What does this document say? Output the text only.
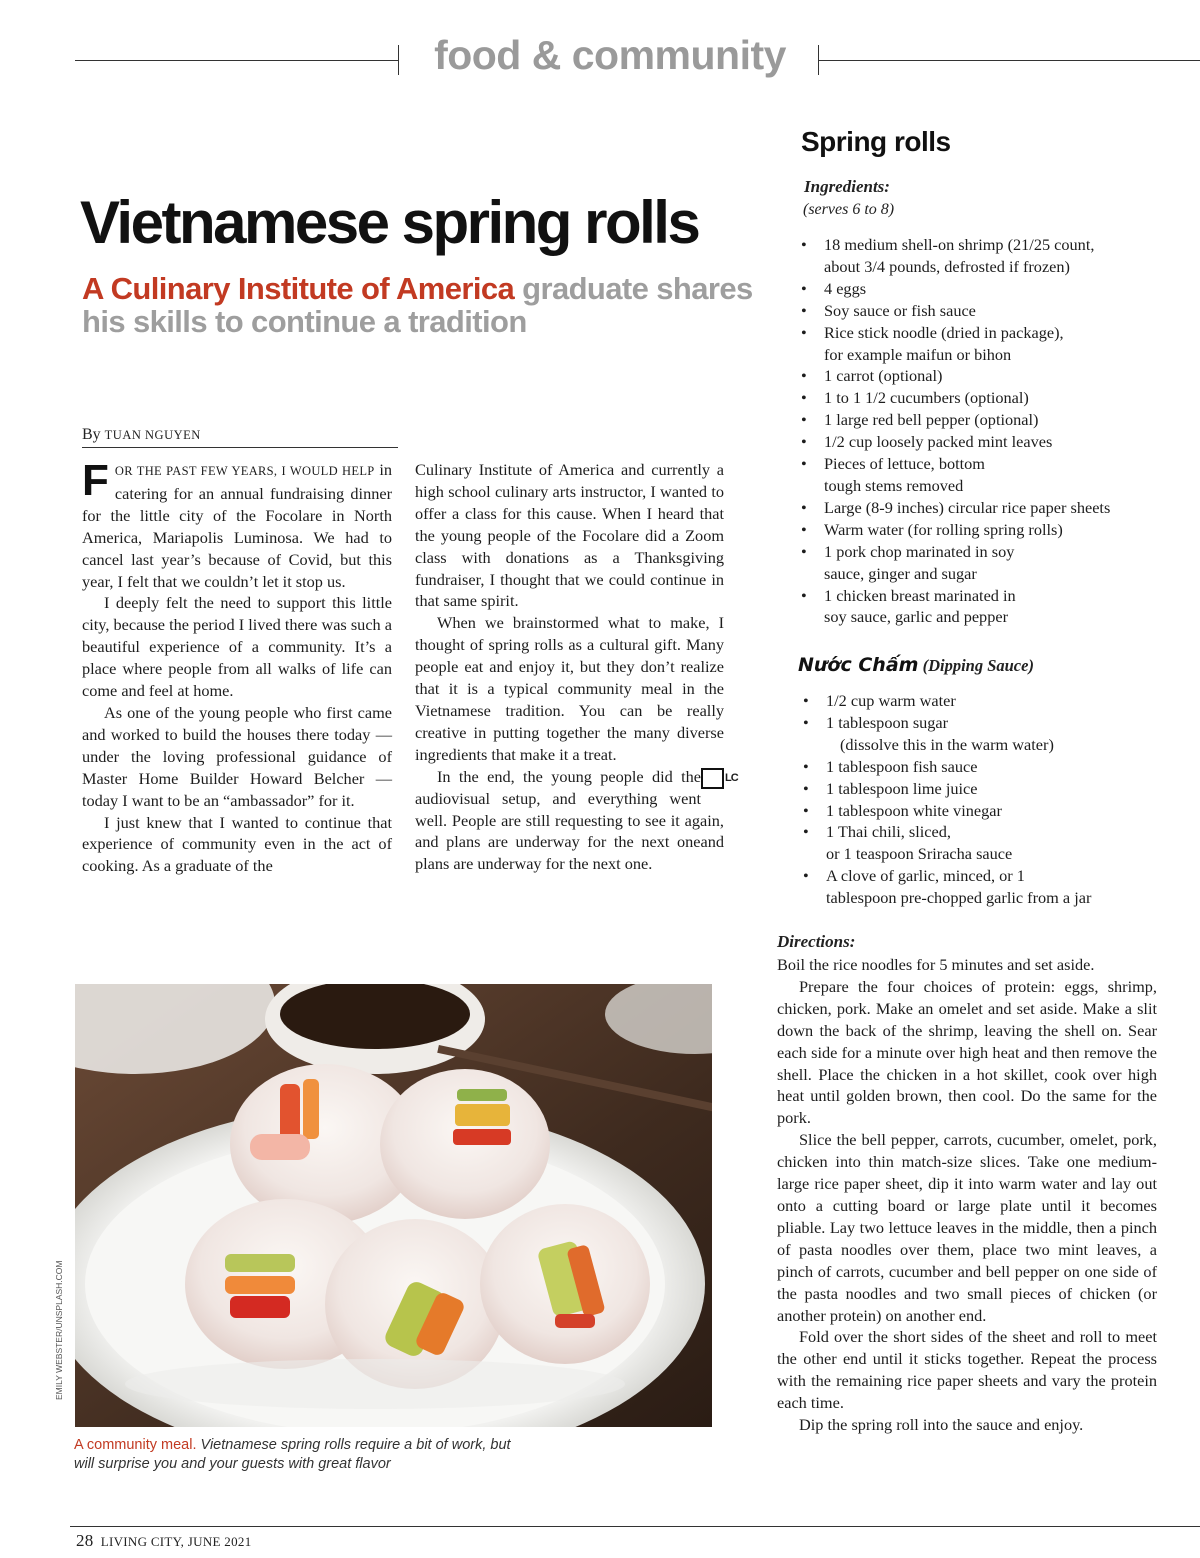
food & community
Vietnamese spring rolls
A Culinary Institute of America graduate shares his skills to continue a tradition
By TUAN NGUYEN

FOR THE PAST FEW YEARS, I WOULD HELP in catering for an annual fundraising dinner for the little city of the Focolare in North America, Mariapolis Luminosa. We had to cancel last year’s because of Covid, but this year, I felt that we couldn’t let it stop us.

I deeply felt the need to support this little city, because the period I lived there was such a beautiful experience of a community. It’s a place where people from all walks of life can come and feel at home.

As one of the young people who first came and worked to build the houses there today — under the loving professional guidance of Master Home Builder Howard Belcher — today I want to be an “ambassador” for it.

I just knew that I wanted to continue that experience of community even in the act of cooking. As a graduate of the

Culinary Institute of America and currently a high school culinary arts instructor, I wanted to offer a class for this cause. When I heard that the young people of the Focolare did a Zoom class with donations as a Thanksgiving fundraiser, I thought that we could continue in that same spirit.

When we brainstormed what to make, I thought of spring rolls as a cultural gift. Many people eat and enjoy it, but they don’t realize that it is a typical community meal in the Vietnamese tradition. You can be really creative in putting together the many diverse ingredients that make it a treat.

LC
In the end, the young people did the audiovisual setup, and everything went well. People are still requesting to see it again, and plans are underway for the next oneand plans are underway for the next one.

EMILY WEBSTER/UNSPLASH.COM
A community meal. Vietnamese spring rolls require a bit of work, but will surprise you and your guests with great flavor
Spring rolls
Ingredients:
(serves 6 to 8)
• 18 medium shell-on shrimp (21/25 count,
about 3/4 pounds, defrosted if frozen)
• 4 eggs
• Soy sauce or fish sauce
• Rice stick noodle (dried in package),
for example maifun or bihon
• 1 carrot (optional)
• 1 to 1 1/2 cucumbers (optional)
• 1 large red bell pepper (optional)
• 1/2 cup loosely packed mint leaves
• Pieces of lettuce, bottom
tough stems removed
• Large (8-9 inches) circular rice paper sheets
• Warm water (for rolling spring rolls)
• 1 pork chop marinated in soy
sauce, ginger and sugar
• 1 chicken breast marinated in
soy sauce, garlic and pepper
Nước Chấm (Dipping Sauce)
• 1/2 cup warm water
• 1 tablespoon sugar
(dissolve this in the warm water)
• 1 tablespoon fish sauce
• 1 tablespoon lime juice
• 1 tablespoon white vinegar
• 1 Thai chili, sliced,
or 1 teaspoon Sriracha sauce
• A clove of garlic, minced, or 1
tablespoon pre-chopped garlic from a jar
Directions:

Boil the rice noodles for 5 minutes and set aside.

Prepare the four choices of protein: eggs, shrimp, chicken, pork. Make an omelet and set aside. Make a slit down the back of the shrimp, leaving the shell on. Sear each side for a minute over high heat and then remove the shell. Place the chicken in a hot skillet, cook over high heat until golden brown, then cool. Do the same for the pork.

Slice the bell pepper, carrots, cucumber, omelet, pork, chicken into thin match-size slices. Take one medium-large rice paper sheet, dip it into warm water and lay out onto a cutting board or large plate until it becomes pliable. Lay two lettuce leaves in the middle, then a pinch of pasta noodles over them, place two mint leaves, a pinch of carrots, cucumber and bell pepper on one side of the pasta noodles and two small pieces of chicken (or another protein) on another end.

Fold over the short sides of the sheet and roll to meet the other end until it sticks together. Repeat the process with the remaining rice paper sheets and vary the protein each time.

Dip the spring roll into the sauce and enjoy.

28 LIVING CITY, JUNE 2021
